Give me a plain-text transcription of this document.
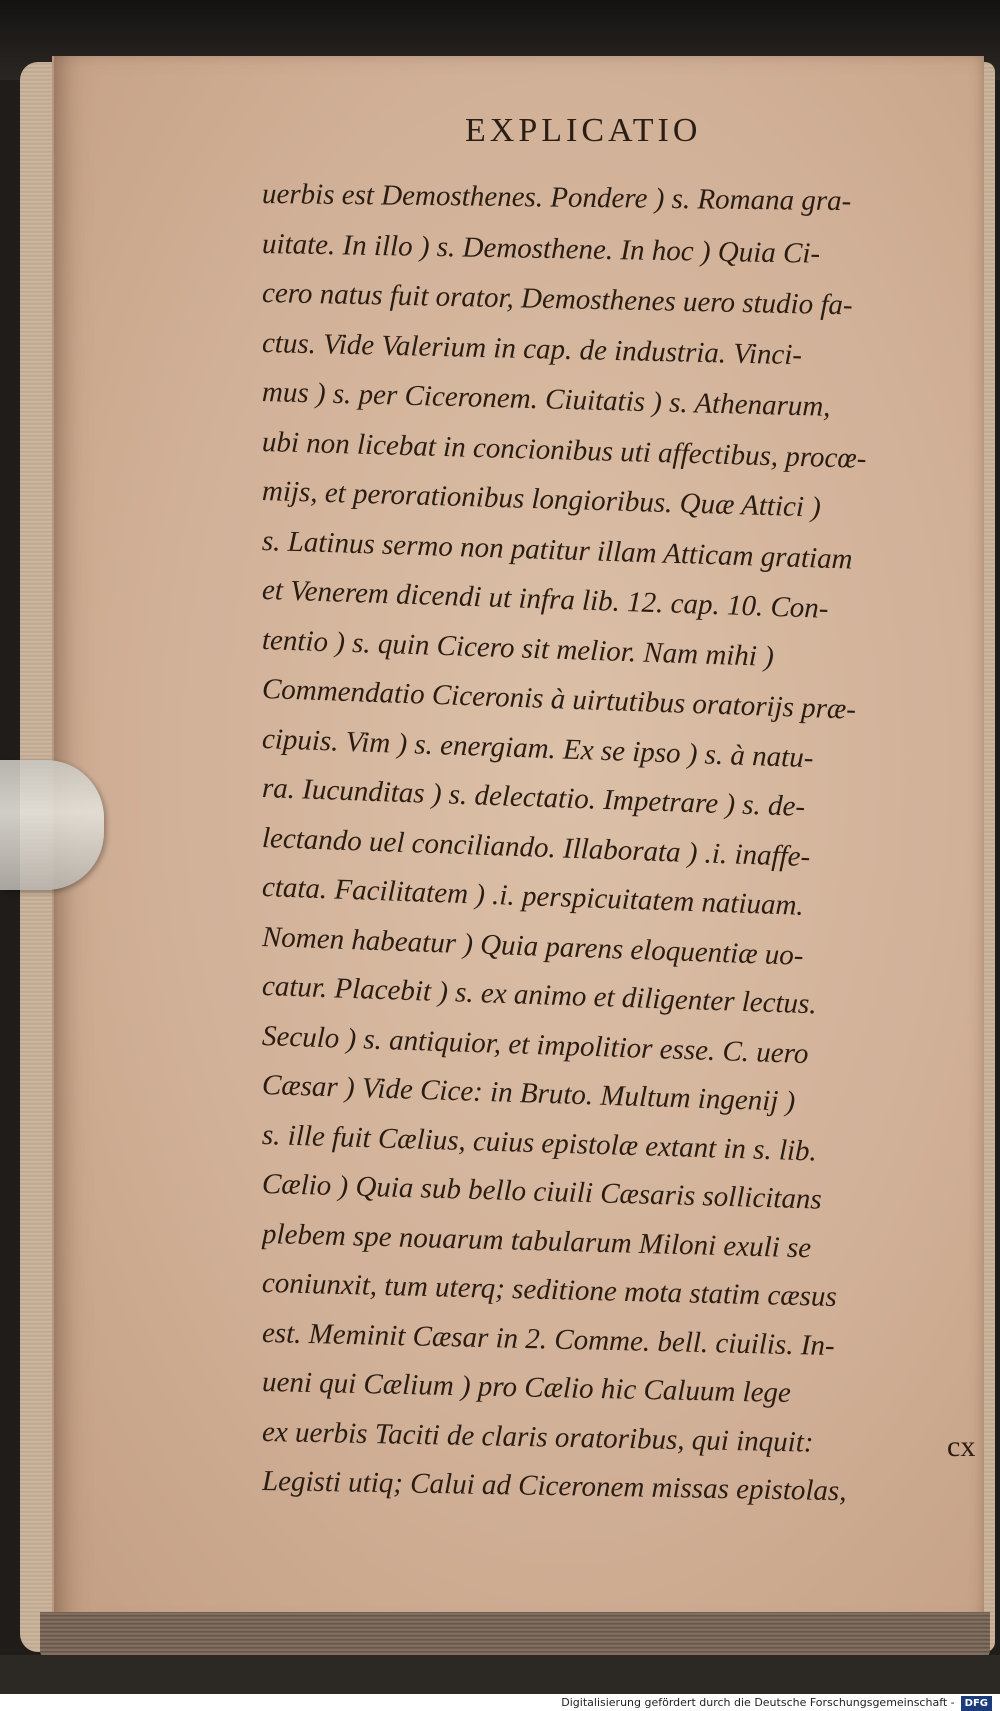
EXPLICATIO
uerbis est Demosthenes. Pondere ) s. Romana gra-
uitate. In illo ) s. Demosthene. In hoc ) Quia Ci-
cero natus fuit orator, Demosthenes uero studio fa-
ctus. Vide Valerium in cap. de industria. Vinci-
mus ) s. per Ciceronem. Ciuitatis ) s. Athenarum,
ubi non licebat in concionibus uti affectibus, procœ-
mijs, et perorationibus longioribus. Quæ Attici )
s. Latinus sermo non patitur illam Atticam gratiam
et Venerem dicendi ut infra lib. 12. cap. 10. Con-
tentio ) s. quin Cicero sit melior. Nam mihi )
Commendatio Ciceronis à uirtutibus oratorijs præ-
cipuis. Vim ) s. energiam. Ex se ipso ) s. à natu-
ra. Iucunditas ) s. delectatio. Impetrare ) s. de-
lectando uel conciliando. Illaborata ) .i. inaffe-
ctata. Facilitatem ) .i. perspicuitatem natiuam.
Nomen habeatur ) Quia parens eloquentiæ uo-
catur. Placebit ) s. ex animo et diligenter lectus.
Seculo ) s. antiquior, et impolitior esse. C. uero
Cæsar ) Vide Cice: in Bruto. Multum ingenij )
s. ille fuit Cælius, cuius epistolæ extant in s. lib.
Cælio ) Quia sub bello ciuili Cæsaris sollicitans
plebem spe nouarum tabularum Miloni exuli se
coniunxit, tum uterq; seditione mota statim cæsus
est. Meminit Cæsar in 2. Comme. bell. ciuilis. In-
ueni qui Cælium ) pro Cælio hic Caluum lege
ex uerbis Taciti de claris oratoribus, qui inquit:
Legisti utiq; Calui ad Ciceronem missas epistolas,
cx
Digitalisierung gefördert durch die Deutsche Forschungsgemeinschaft - DFG
